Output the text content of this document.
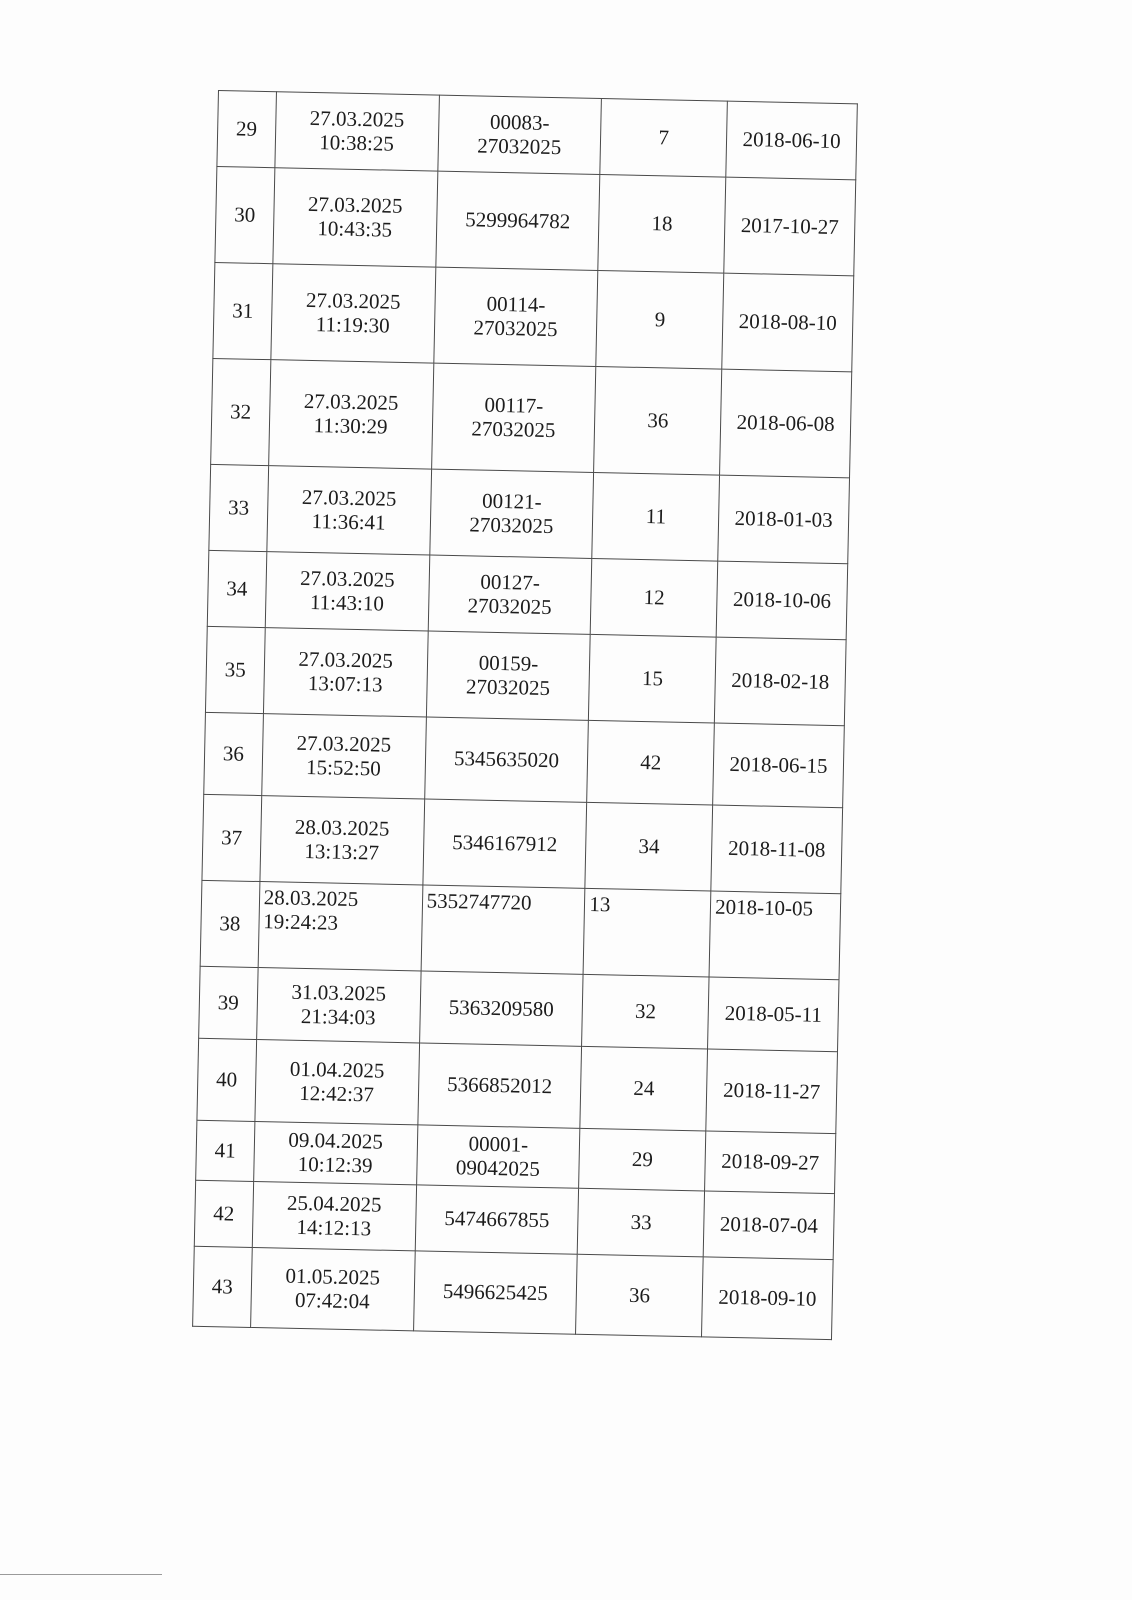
29	27.03.2025
10:38:25	00083-
27032025	7	2018-06-10

30	27.03.2025
10:43:35	5299964782	18	2017-10-27

31	27.03.2025
11:19:30	00114-
27032025	9	2018-08-10

32	27.03.2025
11:30:29	00117-
27032025	36	2018-06-08

33	27.03.2025
11:36:41	00121-
27032025	11	2018-01-03

34	27.03.2025
11:43:10	00127-
27032025	12	2018-10-06

35	27.03.2025
13:07:13	00159-
27032025	15	2018-02-18

36	27.03.2025
15:52:50	5345635020	42	2018-06-15

37	28.03.2025
13:13:27	5346167912	34	2018-11-08

38	28.03.2025
19:24:23	5352747720	13	2018-10-05

39	31.03.2025
21:34:03	5363209580	32	2018-05-11

40	01.04.2025
12:42:37	5366852012	24	2018-11-27

41	09.04.2025
10:12:39	00001-
09042025	29	2018-09-27

42	25.04.2025
14:12:13	5474667855	33	2018-07-04

43	01.05.2025
07:42:04	5496625425	36	2018-09-10
